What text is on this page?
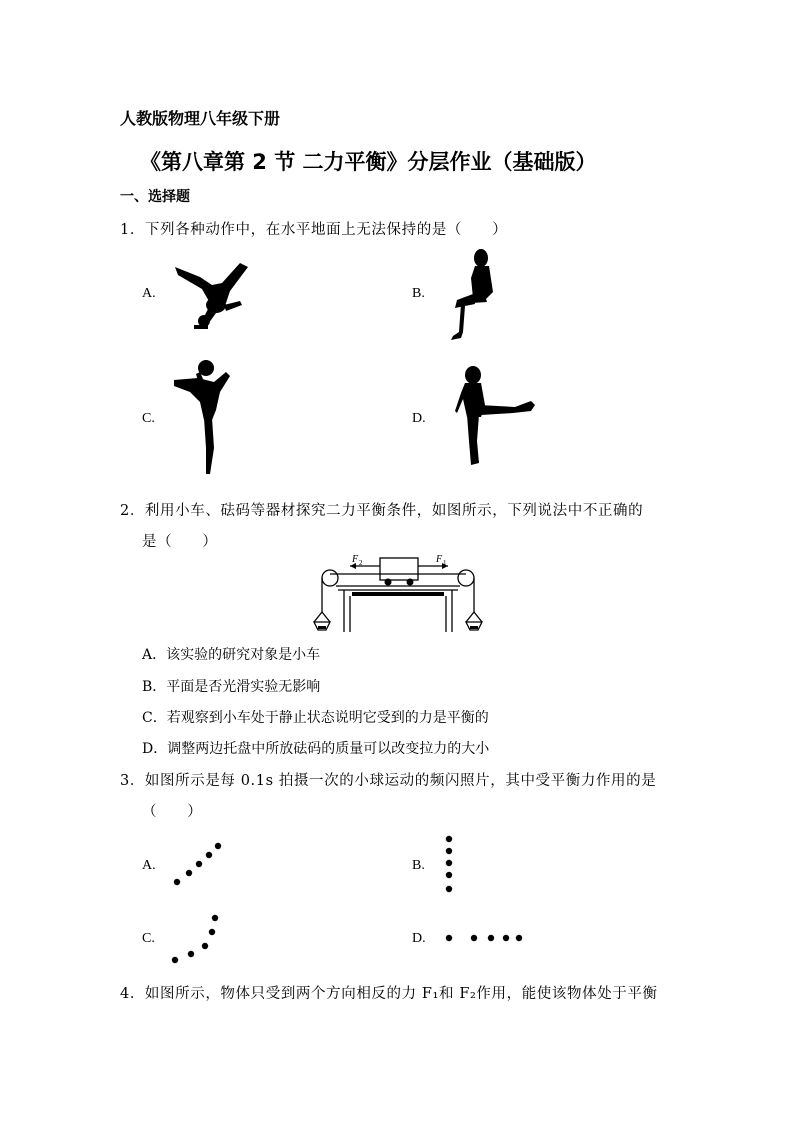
人教版物理八年级下册
《第八章第 2 节 二力平衡》分层作业（基础版）
一、选择题
1．下列各种动作中，在水平地面上无法保持的是（　　）
A.	B.
C.	D.
2．利用小车、砝码等器材探究二力平衡条件，如图所示，下列说法中不正确的
是（　　）
F 2	F 1
A．该实验的研究对象是小车
B．平面是否光滑实验无影响
C．若观察到小车处于静止状态说明它受到的力是平衡的
D．调整两边托盘中所放砝码的质量可以改变拉力的大小
3．如图所示是每 0.1s 拍摄一次的小球运动的频闪照片，其中受平衡力作用的是
（　　）
A.	B.
C.	D.
4．如图所示，物体只受到两个方向相反的力 F₁和 F₂作用，能使该物体处于平衡
